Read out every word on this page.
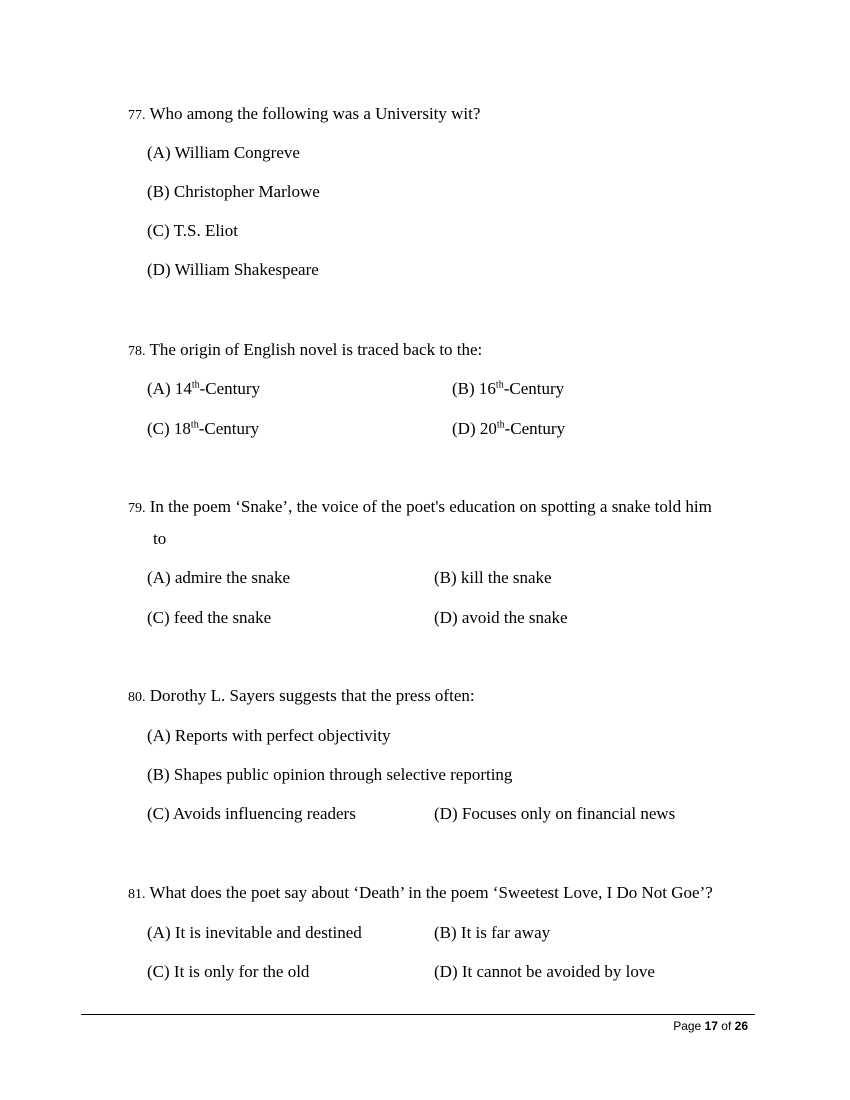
77. Who among the following was a University wit?
(A) William Congreve
(B) Christopher Marlowe
(C) T.S. Eliot
(D) William Shakespeare
78. The origin of English novel is traced back to the:
(A) 14th-Century	(B) 16th-Century
(C) 18th-Century	(D) 20th-Century
79. In the poem ‘Snake’, the voice of the poet's education on spotting a snake told him
to
(A) admire the snake	(B) kill the snake
(C) feed the snake	(D) avoid the snake
80. Dorothy L. Sayers suggests that the press often:
(A) Reports with perfect objectivity
(B) Shapes public opinion through selective reporting
(C) Avoids influencing readers	(D) Focuses only on financial news
81. What does the poet say about ‘Death’ in the poem ‘Sweetest Love, I Do Not Goe’?
(A) It is inevitable and destined	(B) It is far away
(C) It is only for the old	(D) It cannot be avoided by love
Page 17 of 26
